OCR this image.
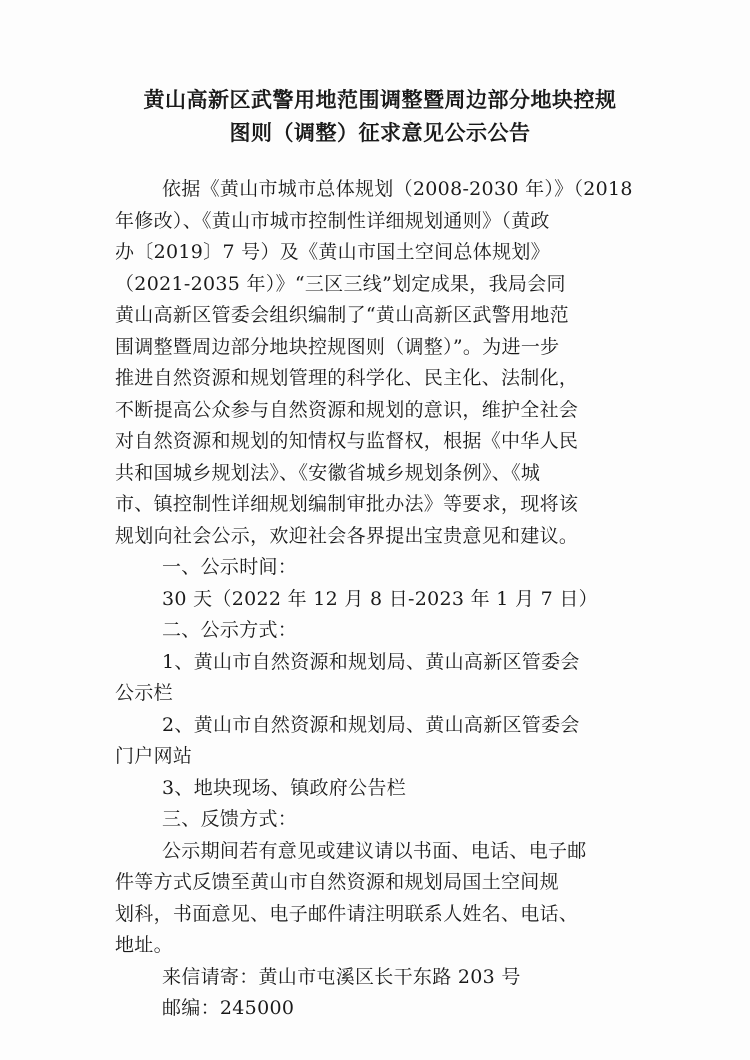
黄山高新区武警用地范围调整暨周边部分地块控规
图则（调整）征求意见公示公告
依据《黄山市城市总体规划（2008-2030 年）》（2018
年修改）、《黄山市城市控制性详细规划通则》（黄政
办〔2019〕7 号）及《黄山市国土空间总体规划》
（2021-2035 年）》“三区三线”划定成果，我局会同
黄山高新区管委会组织编制了“黄山高新区武警用地范
围调整暨周边部分地块控规图则（调整）”。为进一步
推进自然资源和规划管理的科学化、民主化、法制化，
不断提高公众参与自然资源和规划的意识，维护全社会
对自然资源和规划的知情权与监督权，根据《中华人民
共和国城乡规划法》、《安徽省城乡规划条例》、《城
市、镇控制性详细规划编制审批办法》等要求，现将该
规划向社会公示，欢迎社会各界提出宝贵意见和建议。
一、公示时间：
30 天（2022 年 12 月 8 日-2023 年 1 月 7 日）
二、公示方式：
1、黄山市自然资源和规划局、黄山高新区管委会
公示栏
2、黄山市自然资源和规划局、黄山高新区管委会
门户网站
3、地块现场、镇政府公告栏
三、反馈方式：
公示期间若有意见或建议请以书面、电话、电子邮
件等方式反馈至黄山市自然资源和规划局国土空间规
划科，书面意见、电子邮件请注明联系人姓名、电话、
地址。
来信请寄：黄山市屯溪区长干东路 203 号
邮编：245000
